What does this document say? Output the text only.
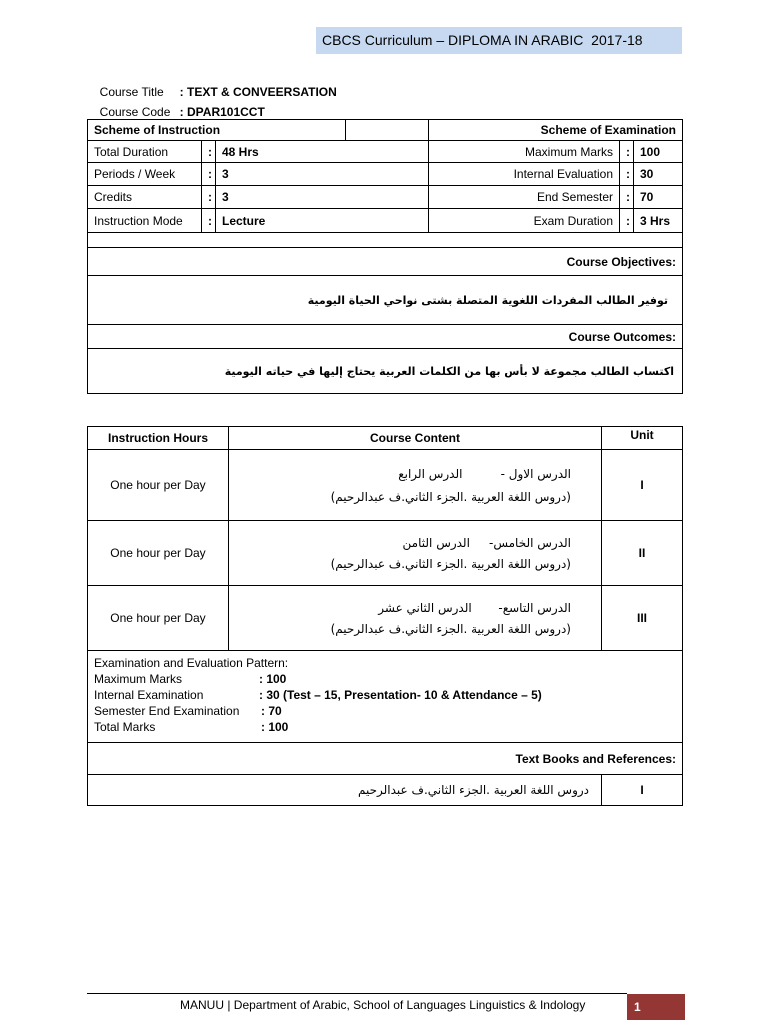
CBCS Curriculum – DIPLOMA IN ARABIC  2017-18

Course Title : TEXT & CONVEERSATION

Course Code : DPAR101CCT

Scheme of Instruction				Scheme of Examination		
Total Duration	:	48 Hrs		Maximum Marks	:	100
Periods / Week	:	3		Internal Evaluation	:	30
Credits	:	3		End Semester	:	70
Instruction Mode	:	Lecture		Exam Duration	:	3 Hrs

Course Objectives:						
توفير الطالب المفردات اللغوية المتصلة بشتى نواحي الحياة اليومية						
Course Outcomes:						
اكتساب الطالب مجموعة لا بأس بها من الكلمات العربية يحتاج إليها في حياته اليومية						
Instruction Hours	Course Content	Unit
One hour per Day	الدرس الاول -          الدرس الرابع
(دروس اللغة العربية .الجزء الثاني.ف عبدالرحيم)	I
One hour per Day	الدرس الخامس-     الدرس الثامن
(دروس اللغة العربية .الجزء الثاني.ف عبدالرحيم)	II
One hour per Day	الدرس التاسع-       الدرس الثاني عشر
(دروس اللغة العربية .الجزء الثاني.ف عبدالرحيم)	III

Examination and Evaluation Pattern:
Maximum Marks : 100
Internal Examination : 30 (Test – 15, Presentation- 10 & Attendance – 5)
Semester End Examination : 70
Total Marks : 100		

Text Books and References:		
دروس اللغة العربية .الجزء الثاني.ف عبدالرحيم		I
MANUU | Department of Arabic, School of Languages Linguistics & Indology	1
